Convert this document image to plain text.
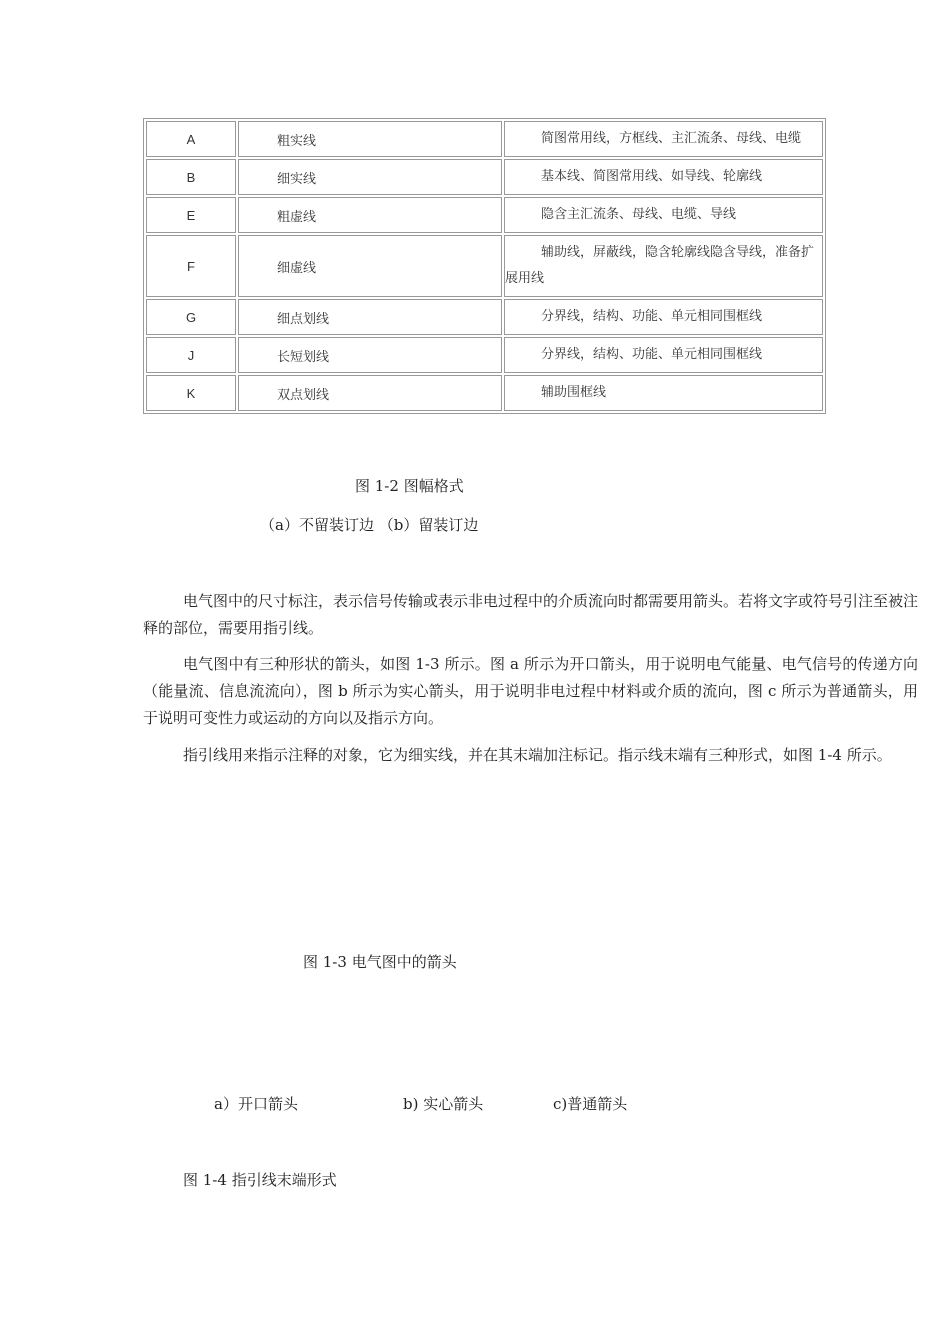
A	粗实线	简图常用线，方框线、主汇流条、母线、电缆
B	细实线	基本线、简图常用线、如导线、轮廓线
E	粗虚线	隐含主汇流条、母线、电缆、导线
F	细虚线	辅助线，屏蔽线，隐含轮廓线隐含导线，准备扩展用线
G	细点划线	分界线，结构、功能、单元相同围框线
J	长短划线	分界线，结构、功能、单元相同围框线
K	双点划线	辅助围框线
图 1-2 图幅格式
（a）不留装订边 （b）留装订边
电气图中的尺寸标注，表示信号传输或表示非电过程中的介质流向时都需要用箭头。若将文字或符号引注至被注释的部位，需要用指引线。
电气图中有三种形状的箭头，如图 1-3 所示。图 a 所示为开口箭头，用于说明电气能量、电气信号的传递方向（能量流、信息流流向），图 b 所示为实心箭头，用于说明非电过程中材料或介质的流向，图 c 所示为普通箭头，用于说明可变性力或运动的方向以及指示方向。
指引线用来指示注释的对象，它为细实线，并在其末端加注标记。指示线末端有三种形式，如图 1-4 所示。
图 1-3 电气图中的箭头
a）开口箭头	b) 实心箭头	c)普通箭头
图 1-4 指引线末端形式
